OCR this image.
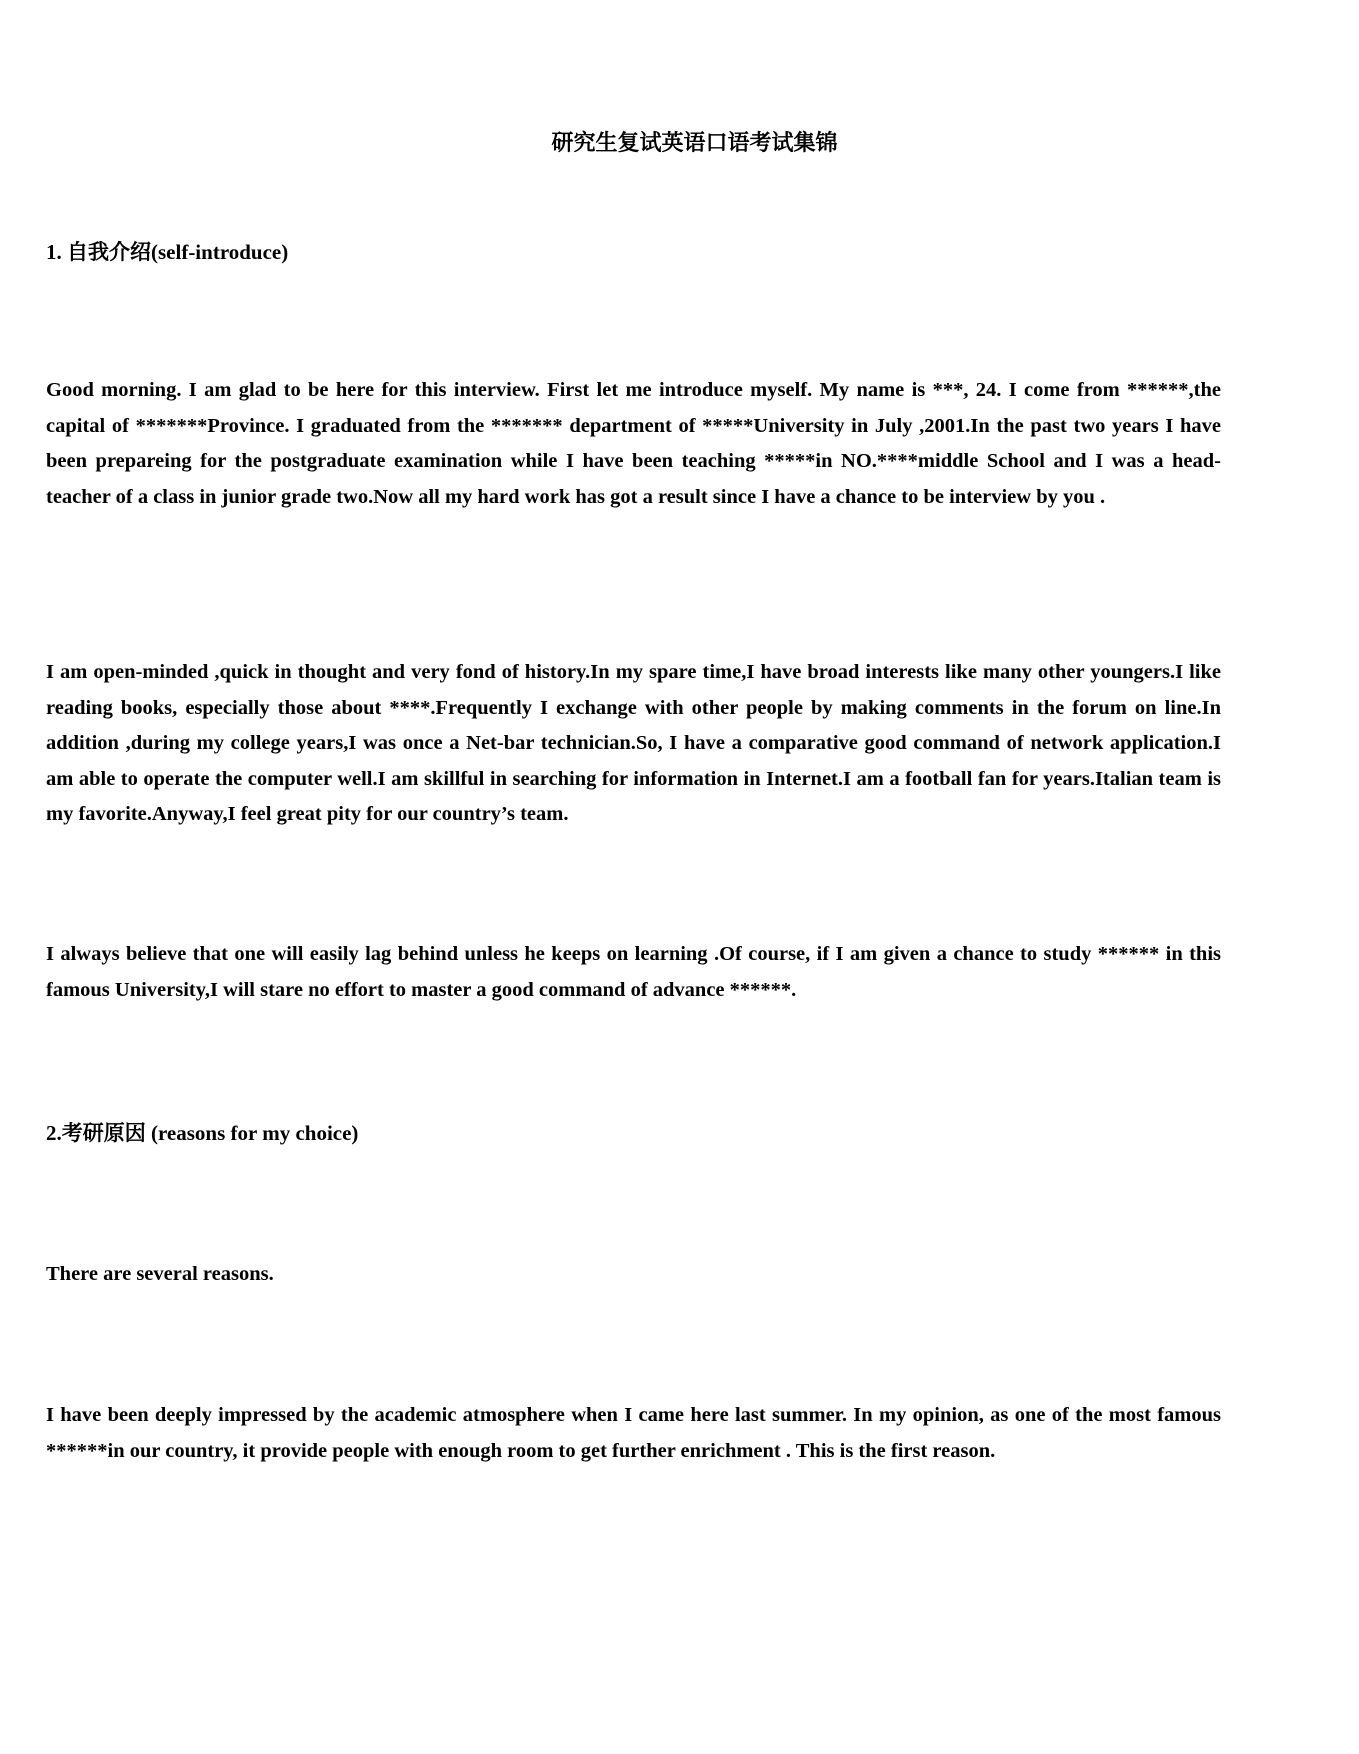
研究生复试英语口语考试集锦
1. 自我介绍(self-introduce)

Good morning. I am glad to be here for this interview. First let me introduce myself. My name is ***, 24. I come from ******,the capital of *******Province. I graduated from the ******* department of *****University in July ,2001.In the past two years I have been prepareing for the postgraduate examination while I have been teaching *****in NO.****middle School and I was a head-teacher of a class in junior grade two.Now all my hard work has got a result since I have a chance to be interview by you .

I am open-minded ,quick in thought and very fond of history.In my spare time,I have broad interests like many other youngers.I like reading books, especially those about ****.Frequently I exchange with other people by making comments in the forum on line.In addition ,during my college years,I was once a Net-bar technician.So, I have a comparative good command of network application.I am able to operate the computer well.I am skillful in searching for information in Internet.I am a football fan for years.Italian team is my favorite.Anyway,I feel great pity for our country’s team.

I always believe that one will easily lag behind unless he keeps on learning .Of course, if I am given a chance to study ****** in this famous University,I will stare no effort to master a good command of advance ******.

2.考研原因 (reasons for my choice)
There are several reasons.

I have been deeply impressed by the academic atmosphere when I came here last summer. In my opinion, as one of the most famous ******in our country, it provide people with enough room to get further enrichment . This is the first reason.
